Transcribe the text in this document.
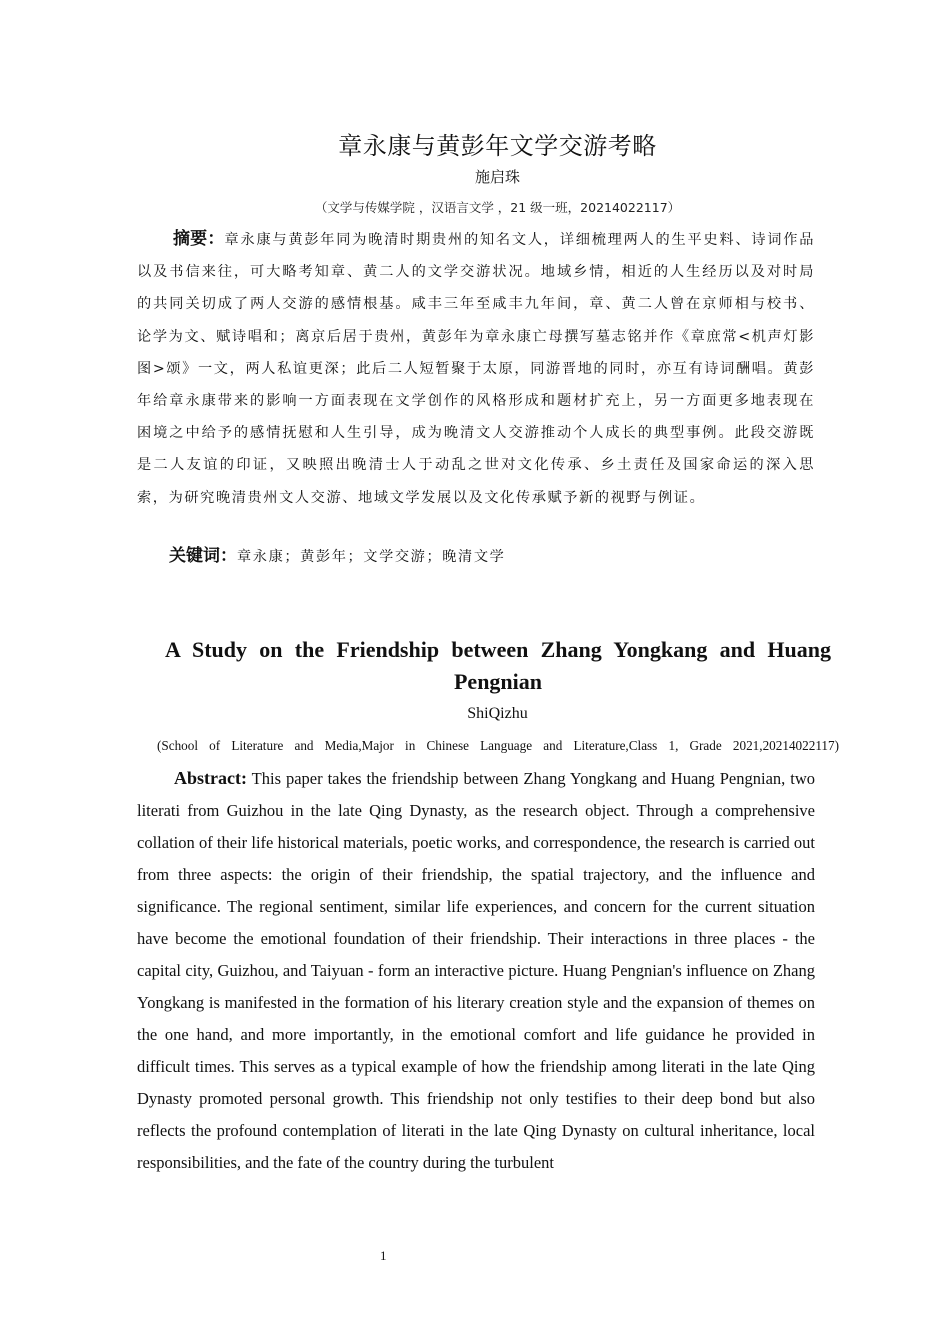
章永康与黄彭年文学交游考略
施启珠
（文学与传媒学院 ，汉语言文学 ，21 级一班，20214022117）
摘要：章永康与黄彭年同为晚清时期贵州的知名文人，详细梳理两人的生平史料、诗词作品以及书信来往，可大略考知章、黄二人的文学交游状况。地域乡情，相近的人生经历以及对时局的共同关切成了两人交游的感情根基。咸丰三年至咸丰九年间，章、黄二人曾在京师相与校书、论学为文、赋诗唱和；离京后居于贵州，黄彭年为章永康亡母撰写墓志铭并作《章庶常<机声灯影图>颂》一文，两人私谊更深；此后二人短暂聚于太原，同游晋地的同时，亦互有诗词酬唱。黄彭年给章永康带来的影响一方面表现在文学创作的风格形成和题材扩充上，另一方面更多地表现在困境之中给予的感情抚慰和人生引导，成为晚清文人交游推动个人成长的典型事例。此段交游既是二人友谊的印证，又映照出晚清士人于动乱之世对文化传承、乡土责任及国家命运的深入思索，为研究晚清贵州文人交游、地域文学发展以及文化传承赋予新的视野与例证。
关键词：章永康；黄彭年；文学交游；晚清文学
A Study on the Friendship between Zhang Yongkang and Huang Pengnian
ShiQizhu
(School of Literature and Media,Major in Chinese Language and Literature,Class 1, Grade 2021,20214022117)
Abstract: This paper takes the friendship between Zhang Yongkang and Huang Pengnian, two literati from Guizhou in the late Qing Dynasty, as the research object. Through a comprehensive collation of their life historical materials, poetic works, and correspondence, the research is carried out from three aspects: the origin of their friendship, the spatial trajectory, and the influence and significance. The regional sentiment, similar life experiences, and concern for the current situation have become the emotional foundation of their friendship. Their interactions in three places - the capital city, Guizhou, and Taiyuan - form an interactive picture. Huang Pengnian's influence on Zhang Yongkang is manifested in the formation of his literary creation style and the expansion of themes on the one hand, and more importantly, in the emotional comfort and life guidance he provided in difficult times. This serves as a typical example of how the friendship among literati in the late Qing Dynasty promoted personal growth. This friendship not only testifies to their deep bond but also reflects the profound contemplation of literati in the late Qing Dynasty on cultural inheritance, local responsibilities, and the fate of the country during the turbulent
1
